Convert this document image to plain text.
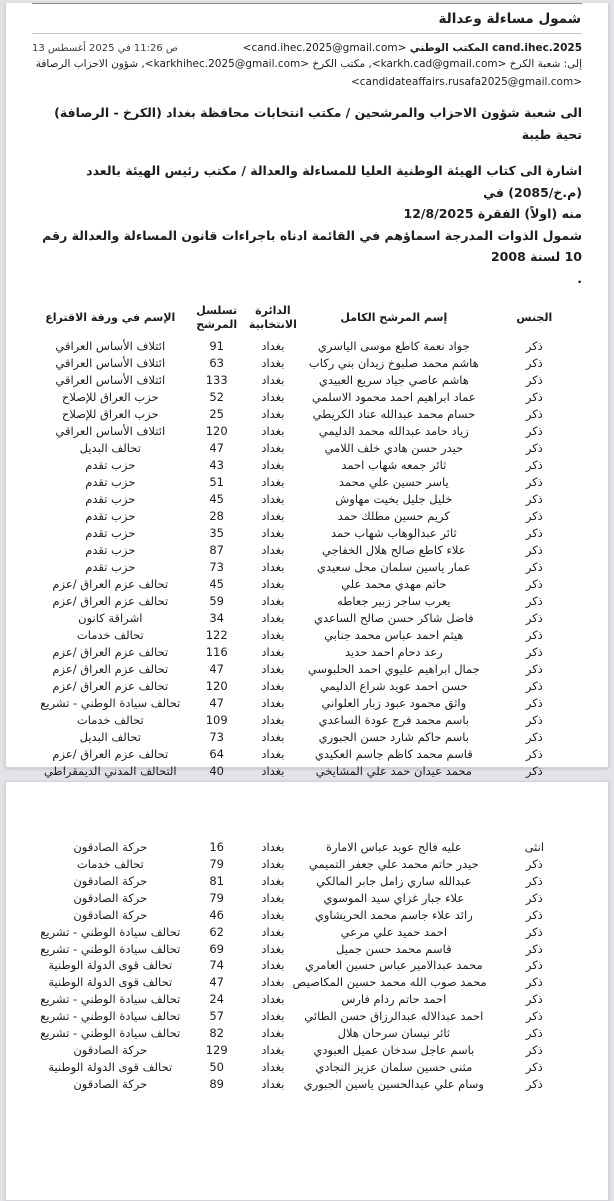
شمول مساءلة وعدالة
cand.ihec.2025 المكتب الوطني <cand.ihec.2025@gmail.com>
13‎ أغسطس‎ 2025‎ في‎ 11:26‎ ص
إلى: شعبة الكرخ <karkh.cad@gmail.com>, مكتب الكرخ <karkhihec.2025@gmail.com>, شؤون الاحزاب الرصافة
<candidateaffairs.rusafa2025@gmail.com>
الى شعبة شؤون الاحزاب والمرشحين / مكتب انتخابات محافظة بغداد (الكرخ - الرصافة)
تحية طيبة
اشارة الى كتاب الهيئة الوطنية العليا للمساءلة والعدالة / مكتب رئيس الهيئة بالعدد (م.خ/2085) في
12/8/2025‎ الفقرة‎ (اولاً)‎ منه
شمول الذوات المدرجة اسماؤهم في القائمة ادناه باجراءات قانون المساءلة والعدالة رقم 10 لسنة 2008
.
الجنس	إسم المرشح الكامل	الدائرة الانتخابية	تسلسل المرشح	الإسم في ورقة الاقتراع
ذكر	جواد نعمة كاطع موسى الياسري	بغداد	91	ائتلاف الأساس العراقي
ذكر	هاشم محمد صلبوخ زيدان بني ركاب	بغداد	63	ائتلاف الأساس العراقي
ذكر	هاشم عاصي جياد سريع العبيدي	بغداد	133	ائتلاف الأساس العراقي
ذكر	عماد ابراهيم احمد محمود الاسلمي	بغداد	52	حزب العراق للإصلاح
ذكر	حسام محمد عبدالله عناد الكريطي	بغداد	25	حزب العراق للإصلاح
ذكر	زياد حامد عبدالله محمد الدليمي	بغداد	120	ائتلاف الأساس العراقي
ذكر	حيدر حسن هادي خلف اللامي	بغداد	47	تحالف البديل
ذكر	ثائر جمعه شهاب احمد	بغداد	43	حزب تقدم
ذكر	ياسر حسين علي محمد	بغداد	51	حزب تقدم
ذكر	خليل جليل بخيت مهاوش	بغداد	45	حزب تقدم
ذكر	كريم حسين مطلك حمد	بغداد	28	حزب تقدم
ذكر	ثائر عبدالوهاب شهاب حمد	بغداد	35	حزب تقدم
ذكر	علاء كاطع صالح هلال الخفاجي	بغداد	87	حزب تقدم
ذكر	عمار ياسين سلمان محل سعيدي	بغداد	73	حزب تقدم
ذكر	حاتم مهدي محمد علي	بغداد	45	تحالف عزم العراق /عزم
ذكر	يعرب ساجر زبير جعاطه	بغداد	59	تحالف عزم العراق /عزم
ذكر	فاضل شاكر حسن صالح الساعدي	بغداد	34	اشراقة كانون
ذكر	هيثم احمد عباس محمد جنابي	بغداد	122	تحالف خدمات
ذكر	رعد دحام احمد حديد	بغداد	116	تحالف عزم العراق /عزم
ذكر	جمال ابراهيم عليوي احمد الحلبوسي	بغداد	47	تحالف عزم العراق /عزم
ذكر	حسن احمد عويد شراع الدليمي	بغداد	120	تحالف عزم العراق /عزم
ذكر	واثق محمود عبود زبار العلواني	بغداد	47	تحالف سيادة الوطني - تشريع
ذكر	باسم محمد فرج عودة الساعدي	بغداد	109	تحالف خدمات
ذكر	باسم حاكم شارد حسن الجبوري	بغداد	73	تحالف البديل
ذكر	قاسم محمد كاظم جاسم العكيدي	بغداد	64	تحالف عزم العراق /عزم
ذكر	محمد عيدان حمد علي المشايخي	بغداد	40	التحالف المدني الديمقراطي
انثى	عليه فالح عويد عباس الامارة	بغداد	16	حركة الصادقون
ذكر	حيدر حاتم محمد علي جعفر التميمي	بغداد	79	تحالف خدمات
ذكر	عبدالله ساري زامل جابر المالكي	بغداد	81	حركة الصادقون
ذكر	علاء جبار غزاي سيد الموسوي	بغداد	79	حركة الصادقون
ذكر	رائد علاء جاسم محمد الحريشاوي	بغداد	46	حركة الصادقون
ذكر	احمد حميد علي مرعي	بغداد	62	تحالف سيادة الوطني - تشريع
ذكر	قاسم محمد حسن جميل	بغداد	69	تحالف سيادة الوطني - تشريع
ذكر	محمد عبدالامير عباس حسين العامري	بغداد	74	تحالف قوى الدولة الوطنية
ذكر	محمد صوب الله محمد حسين المكاصيص	بغداد	47	تحالف قوى الدولة الوطنية
ذكر	احمد حاتم ردام فارس	بغداد	24	تحالف سيادة الوطني - تشريع
ذكر	احمد عبدالاله عبدالرزاق حسن الطائي	بغداد	57	تحالف سيادة الوطني - تشريع
ذكر	ثائر نيسان سرحان هلال	بغداد	82	تحالف سيادة الوطني - تشريع
ذكر	باسم عاجل سدخان عميل العبودي	بغداد	129	حركة الصادقون
ذكر	مثنى حسين سلمان عزيز النجادي	بغداد	50	تحالف قوى الدولة الوطنية
ذكر	وسام علي عبدالحسين ياسين الجبوري	بغداد	89	حركة الصادقون
